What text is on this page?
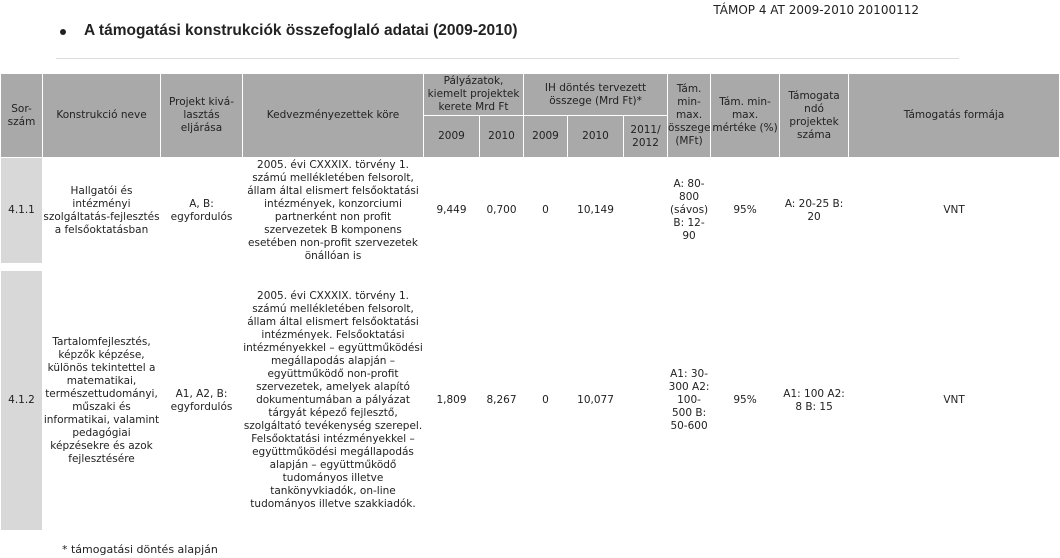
TÁMOP 4 AT 2009-2010 20100112
A támogatási konstrukciók összefoglaló adatai (2009-2010)
Sor-szám	Konstrukció neve	Projekt kivá-lasztás eljárása	Kedvezményezettek köre	Pályázatok, kiemelt projektek kerete Mrd Ft		IH döntés tervezett összege (Mrd Ft)*			Tám. min-max. összege (MFt)	Tám. min-max. mértéke (%)	Támogata ndó projektek száma	Támogatás formája
				2009	2010	2009	2010	2011/ 2012				
4.1.1	Hallgatói és intézményi szolgáltatás-fejlesztés a felsőoktatásban	A, B: egyfordulós	2005. évi CXXXIX. törvény 1. számú mellékletében felsorolt, állam által elismert felsőoktatási intézmények, konzorciumi partnerként non profit szervezetek B komponens esetében non-profit szervezetek önállóan is	9,449	0,700	0	10,149		A: 80-800 (sávos) B: 12-90	95%	A: 20-25 B: 20	VNT

4.1.2	Tartalomfejlesztés, képzők képzése, különös tekintettel a matematikai, természettudományi, műszaki és informatikai, valamint pedagógiai képzésekre és azok fejlesztésére	A1, A2, B: egyfordulós	2005. évi CXXXIX. törvény 1. számú mellékletében felsorolt, állam által elismert felsőoktatási intézmények. Felsőoktatási intézményekkel – együttműködési megállapodás alapján – együttműködő non-profit szervezetek, amelyek alapító dokumentumában a pályázat tárgyát képező fejlesztő, szolgáltató tevékenység szerepel. Felsőoktatási intézményekkel – együttműködési megállapodás alapján – együttműködő tudományos illetve tankönyvkiadók, on-line tudományos illetve szakkiadók.	1,809	8,267	0	10,077		A1: 30-300 A2: 100-500 B: 50-600	95%	A1: 100 A2: 8 B: 15	VNT
* támogatási döntés alapján
